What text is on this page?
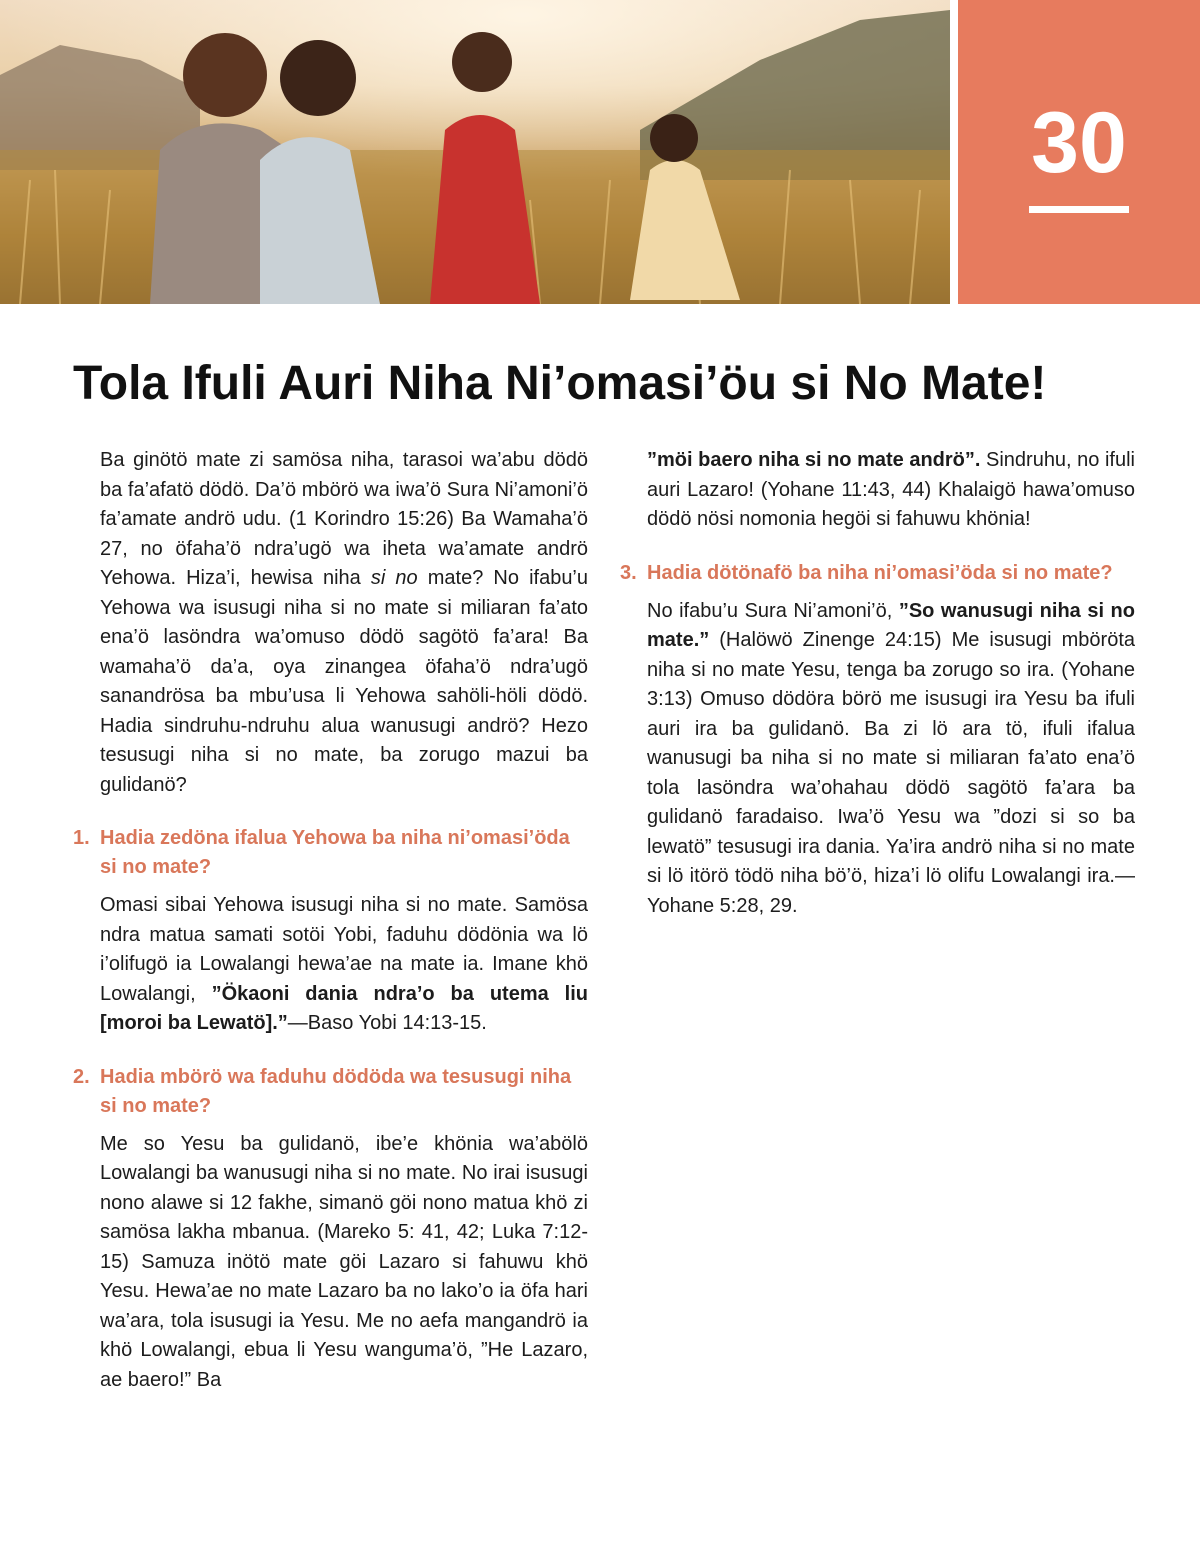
30
Tola Ifuli Auri Niha Ni’omasi’öu si No Mate!

Ba ginötö mate zi samösa niha, tarasoi wa’abu dödö ba fa’afatö dödö. Da’ö mbörö wa iwa’ö Sura Ni’amoni’ö fa’amate andrö udu. (1 Korindro 15:26) Ba Wamaha’ö 27, no öfaha’ö ndra’ugö wa iheta wa’amate andrö Yehowa. Hiza’i, hewisa niha si no mate? No ifabu’u Yehowa wa isusugi niha si no mate si miliaran fa’ato ena’ö lasöndra wa’omuso dödö sagötö fa’ara! Ba wamaha’ö da’a, oya zinangea öfaha’ö ndra’ugö sanandrösa ba mbu’usa li Yehowa sahöli-höli dödö. Hadia sindruhu-ndruhu alua wanusugi andrö? Hezo tesusugi niha si no mate, ba zorugo mazui ba gulidanö?

1. Hadia zedöna ifalua Yehowa ba niha ni’omasi’öda si no mate?

Omasi sibai Yehowa isusugi niha si no mate. Samösa ndra matua samati sotöi Yobi, faduhu dödönia wa lö i’olifugö ia Lowalangi hewa’ae na mate ia. Imane khö Lowalangi, ”Ökaoni dania ndra’o ba utema liu [moroi ba Lewatö].”—Baso Yobi 14:13-15.

2. Hadia mbörö wa faduhu dödöda wa tesusugi niha si no mate?

Me so Yesu ba gulidanö, ibe’e khönia wa’abölö Lowalangi ba wanusugi niha si no mate. No irai isusugi nono alawe si 12 fakhe, simanö göi nono matua khö zi samösa lakha mbanua. (Mareko 5: 41, 42; Luka 7:12-15) Samuza inötö mate göi Lazaro si fahuwu khö Yesu. Hewa’ae no mate Lazaro ba no lako’o ia öfa hari wa’ara, tola isusugi ia Yesu. Me no aefa mangandrö ia khö Lowalangi, ebua li Yesu wanguma’ö, ”He Lazaro, ae baero!” Ba

”möi baero niha si no mate andrö”. Sindruhu, no ifuli auri Lazaro! (Yohane 11:43, 44) Khalaigö hawa’omuso dödö nösi nomonia hegöi si fahuwu khönia!

3. Hadia dötönafö ba niha ni’omasi’öda si no mate?

No ifabu’u Sura Ni’amoni’ö, ”So wanusugi niha si no mate.” (Halöwö Zinenge 24:15) Me isusugi mböröta niha si no mate Yesu, tenga ba zorugo so ira. (Yohane 3:13) Omuso dödöra börö me isusugi ira Yesu ba ifuli auri ira ba gulidanö. Ba zi lö ara tö, ifuli ifalua wanusugi ba niha si no mate si miliaran fa’ato ena’ö tola lasöndra wa’ohahau dödö sagötö fa’ara ba gulidanö faradaiso. Iwa’ö Yesu wa ”dozi si so ba lewatö” tesusugi ira dania. Ya’ira andrö niha si no mate si lö itörö tödö niha bö’ö, hiza’i lö olifu Lowalangi ira.—Yohane 5:28, 29.
